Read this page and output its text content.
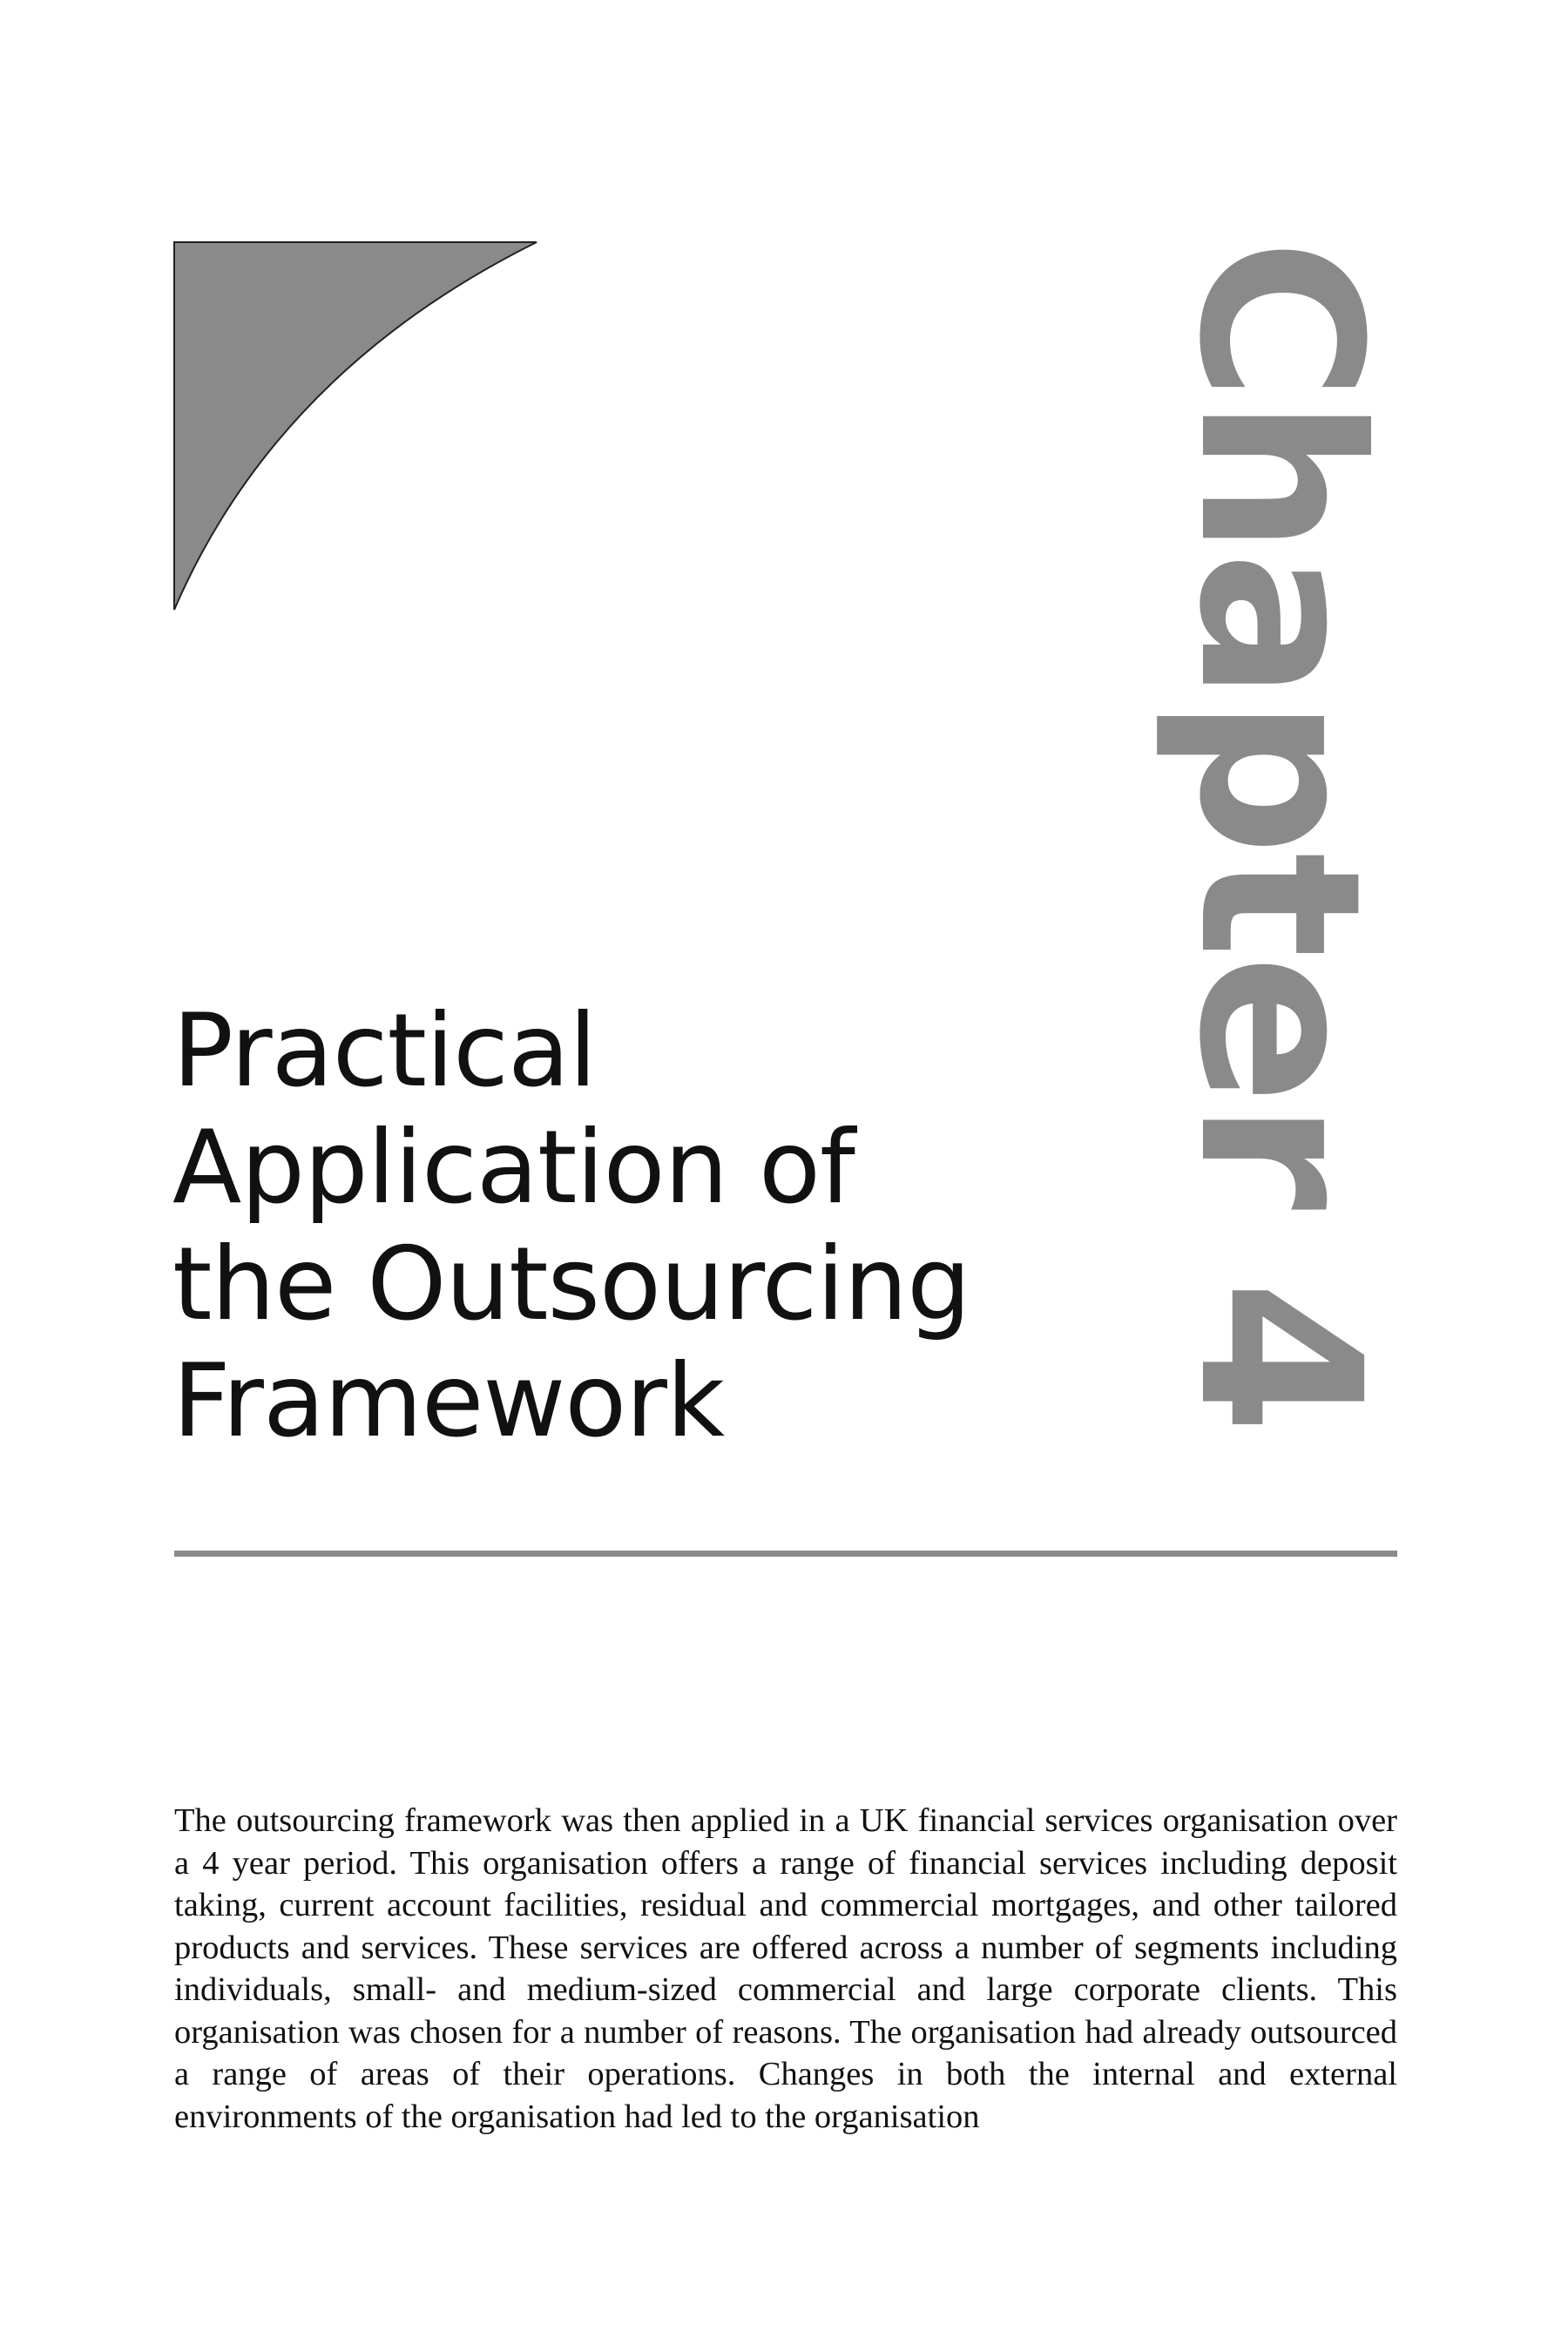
Chapter 4
Practical
Application of
the Outsourcing
Framework

The outsourcing framework was then applied in a UK financial services organisation over a 4 year period. This organisation offers a range of financial services including deposit taking, current account facilities, residual and commercial mortgages, and other tailored products and services. These services are offered across a number of segments including individuals, small- and medium-sized commercial and large corporate clients. This organisation was chosen for a number of reasons. The organisation had already outsourced a range of areas of their operations. Changes in both the internal and external environments of the organisation had led to the organisation
